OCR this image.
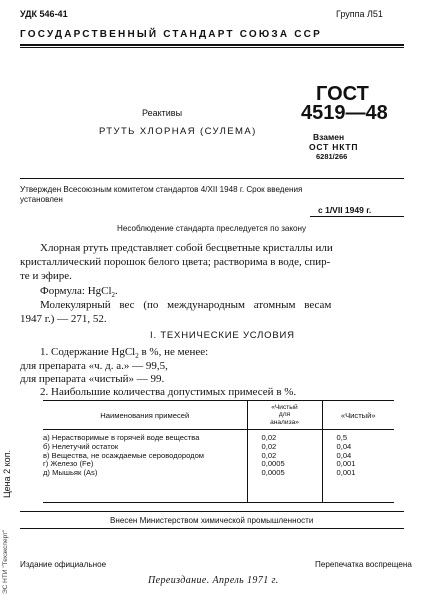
УДК 546-41	Группа Л51
ГОСУДАРСТВЕННЫЙ СТАНДАРТ СОЮЗА ССР
Реактивы
РТУТЬ ХЛОРНАЯ (СУЛЕМА)
ГОСТ
4519—48
Взамен
ОСТ НКТП
6281/266
Утвержден Всесоюзным комитетом стандартов 4/XII 1948 г. Срок введения
установлен
с 1/VII 1949 г.
Несоблюдение стандарта преследуется по закону
Хлорная ртуть представляет собой бесцветные кристаллы или
кристаллический порошок белого цвета; растворима в воде, спир-
те и эфире.
Формула: HgCl$_2$.
Молекулярный вес (по международным атомным весам
1947 г.) — 271, 52.
I. ТЕХНИЧЕСКИЕ УСЛОВИЯ
1. Содержание HgCl$_2$ в %, не менее:
для препарата «ч. д. а.» — 99,5,
для препарата «чистый» — 99.
2. Наибольшие количества допустимых примесей в %.
Наименования примесей	«Чистый
для
анализа»	«Чистый»
а) Нерастворимые в горячей воде вещества	0,02	0,5
б) Нелетучий остаток	0,02	0,04
в) Вещества, не осаждаемые сероводородом	0,02	0,04
г) Железо (Fe)	0,0005	0,001
д) Мышьяк (As)	0,0005	0,001

Цена 2 коп.
ЭС НТИ "Техэксперт"
Внесен Министерством химической промышленности
Издание официальное	Перепечатка воспрещена
Переиздание. Апрель 1971 г.
